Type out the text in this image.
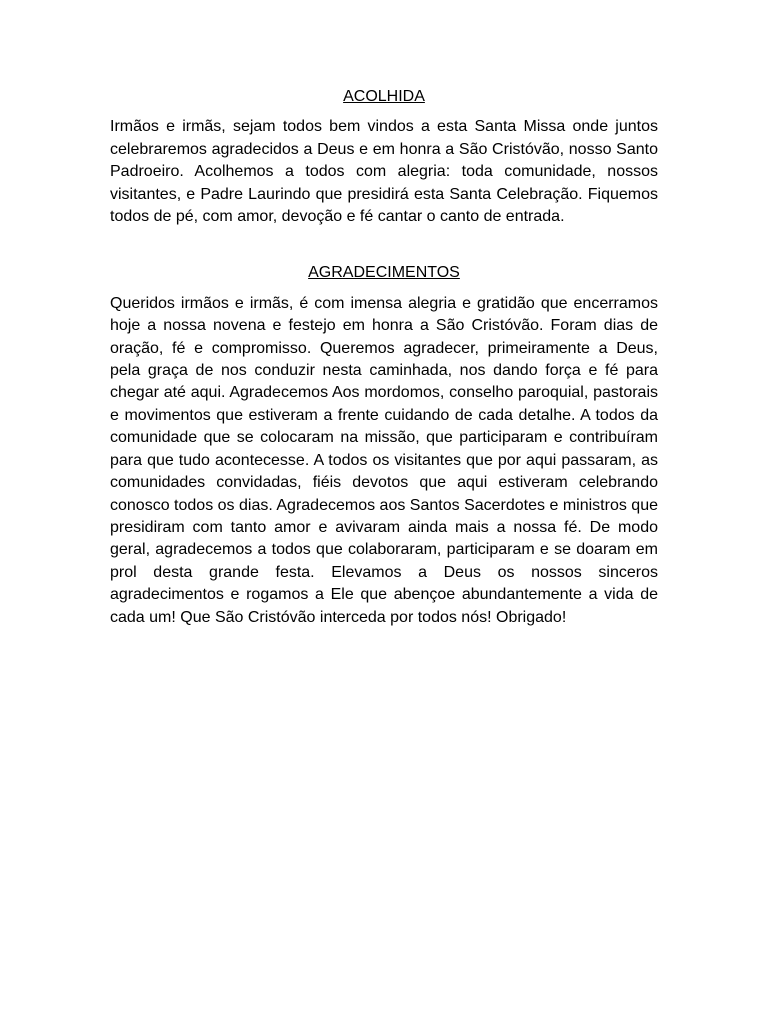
ACOLHIDA

Irmãos e irmãs, sejam todos bem vindos a esta Santa Missa onde juntos celebraremos agradecidos a Deus e em honra a São Cristóvão, nosso Santo Padroeiro. Acolhemos a todos com alegria: toda comunidade, nossos visitantes, e Padre Laurindo que presidirá esta Santa Celebração. Fiquemos todos de pé, com amor, devoção e fé cantar o canto de entrada.

AGRADECIMENTOS

Queridos irmãos e irmãs, é com imensa alegria e gratidão que encerramos hoje a nossa novena e festejo em honra a São Cristóvão. Foram dias de oração, fé e compromisso. Queremos agradecer, primeiramente a Deus, pela graça de nos conduzir nesta caminhada, nos dando força e fé para chegar até aqui. Agradecemos Aos mordomos, conselho paroquial, pastorais e movimentos que estiveram a frente cuidando de cada detalhe. A todos da comunidade que se colocaram na missão, que participaram e contribuíram para que tudo acontecesse. A todos os visitantes que por aqui passaram, as comunidades convidadas, fiéis devotos que aqui estiveram celebrando conosco todos os dias. Agradecemos aos Santos Sacerdotes e ministros que presidiram com tanto amor e avivaram ainda mais a nossa fé. De modo geral, agradecemos a todos que colaboraram, participaram e se doaram em prol desta grande festa. Elevamos a Deus os nossos sinceros agradecimentos e rogamos a Ele que abençoe abundantemente a vida de cada um! Que São Cristóvão interceda por todos nós! Obrigado!
